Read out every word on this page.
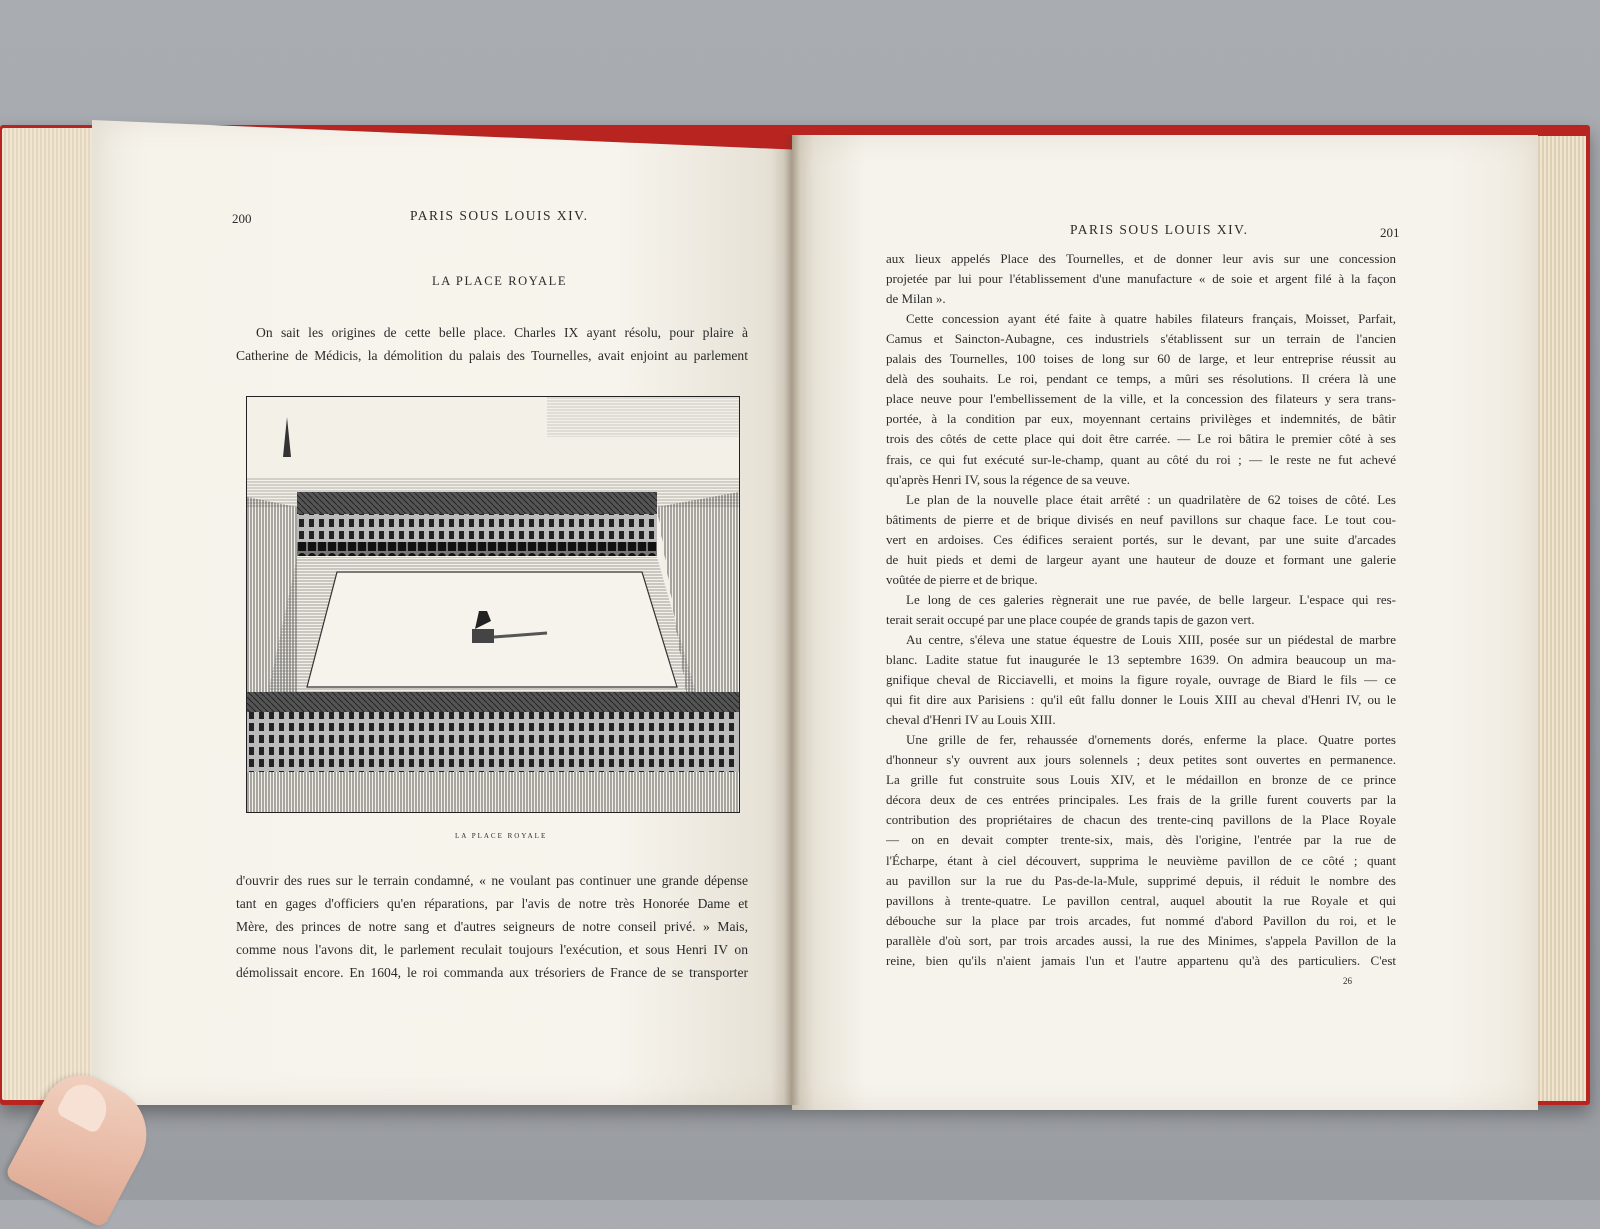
200	PARIS SOUS LOUIS XIV.
LA PLACE ROYALE
On sait les origines de cette belle place. Charles IX ayant résolu, pour plaire à
Catherine de Médicis, la démolition du palais des Tournelles, avait enjoint au parlement
LA PLACE ROYALE
d'ouvrir des rues sur le terrain condamné, « ne voulant pas continuer une grande dépense
tant en gages d'officiers qu'en réparations, par l'avis de notre très Honorée Dame et
Mère, des princes de notre sang et d'autres seigneurs de notre conseil privé. » Mais,
comme nous l'avons dit, le parlement reculait toujours l'exécution, et sous Henri IV on
démolissait encore. En 1604, le roi commanda aux trésoriers de France de se transporter
PARIS SOUS LOUIS XIV.	201
aux lieux appelés Place des Tournelles, et de donner leur avis sur une concession
projetée par lui pour l'établissement d'une manufacture « de soie et argent filé à la façon
de Milan ».
Cette concession ayant été faite à quatre habiles filateurs français, Moisset, Parfait,
Camus et Saincton-Aubagne, ces industriels s'établissent sur un terrain de l'ancien
palais des Tournelles, 100 toises de long sur 60 de large, et leur entreprise réussit au
delà des souhaits. Le roi, pendant ce temps, a mûri ses résolutions. Il créera là une
place neuve pour l'embellissement de la ville, et la concession des filateurs y sera trans-
portée, à la condition par eux, moyennant certains privilèges et indemnités, de bâtir
trois des côtés de cette place qui doit être carrée. — Le roi bâtira le premier côté à ses
frais, ce qui fut exécuté sur-le-champ, quant au côté du roi ; — le reste ne fut achevé
qu'après Henri IV, sous la régence de sa veuve.
Le plan de la nouvelle place était arrêté : un quadrilatère de 62 toises de côté. Les
bâtiments de pierre et de brique divisés en neuf pavillons sur chaque face. Le tout cou-
vert en ardoises. Ces édifices seraient portés, sur le devant, par une suite d'arcades
de huit pieds et demi de largeur ayant une hauteur de douze et formant une galerie
voûtée de pierre et de brique.
Le long de ces galeries règnerait une rue pavée, de belle largeur. L'espace qui res-
terait serait occupé par une place coupée de grands tapis de gazon vert.
Au centre, s'éleva une statue équestre de Louis XIII, posée sur un piédestal de marbre
blanc. Ladite statue fut inaugurée le 13 septembre 1639. On admira beaucoup un ma-
gnifique cheval de Ricciavelli, et moins la figure royale, ouvrage de Biard le fils — ce
qui fit dire aux Parisiens : qu'il eût fallu donner le Louis XIII au cheval d'Henri IV, ou le
cheval d'Henri IV au Louis XIII.
Une grille de fer, rehaussée d'ornements dorés, enferme la place. Quatre portes
d'honneur s'y ouvrent aux jours solennels ; deux petites sont ouvertes en permanence.
La grille fut construite sous Louis XIV, et le médaillon en bronze de ce prince
décora deux de ces entrées principales. Les frais de la grille furent couverts par la
contribution des propriétaires de chacun des trente-cinq pavillons de la Place Royale
— on en devait compter trente-six, mais, dès l'origine, l'entrée par la rue de
l'Écharpe, étant à ciel découvert, supprima le neuvième pavillon de ce côté ; quant
au pavillon sur la rue du Pas-de-la-Mule, supprimé depuis, il réduit le nombre des
pavillons à trente-quatre. Le pavillon central, auquel aboutit la rue Royale et qui
débouche sur la place par trois arcades, fut nommé d'abord Pavillon du roi, et le
parallèle d'où sort, par trois arcades aussi, la rue des Minimes, s'appela Pavillon de la
reine, bien qu'ils n'aient jamais l'un et l'autre appartenu qu'à des particuliers. C'est
26
